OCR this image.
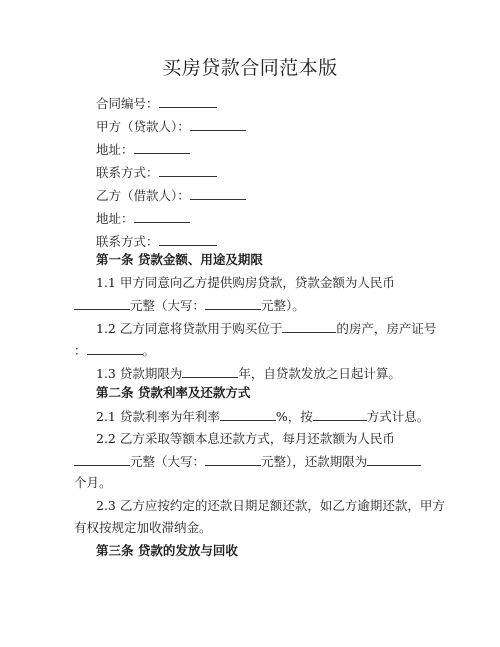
买房贷款合同范本版
合同编号：
甲方（贷款人）：
地址：
联系方式：
乙方（借款人）：
地址：
联系方式：
第一条 贷款金额、用途及期限
1.1 甲方同意向乙方提供购房贷款，贷款金额为人民币
元整（大写：	元整）。
1.2 乙方同意将贷款用于购买位于	的房产，房产证号
：	。
1.3 贷款期限为	年，自贷款发放之日起计算。
第二条 贷款利率及还款方式
2.1 贷款利率为年利率	%，按	方式计息。
2.2 乙方采取等额本息还款方式，每月还款额为人民币
元整（大写：	元整），还款期限为
个月。
2.3 乙方应按约定的还款日期足额还款，如乙方逾期还款，甲方
有权按规定加收滞纳金。
第三条 贷款的发放与回收
